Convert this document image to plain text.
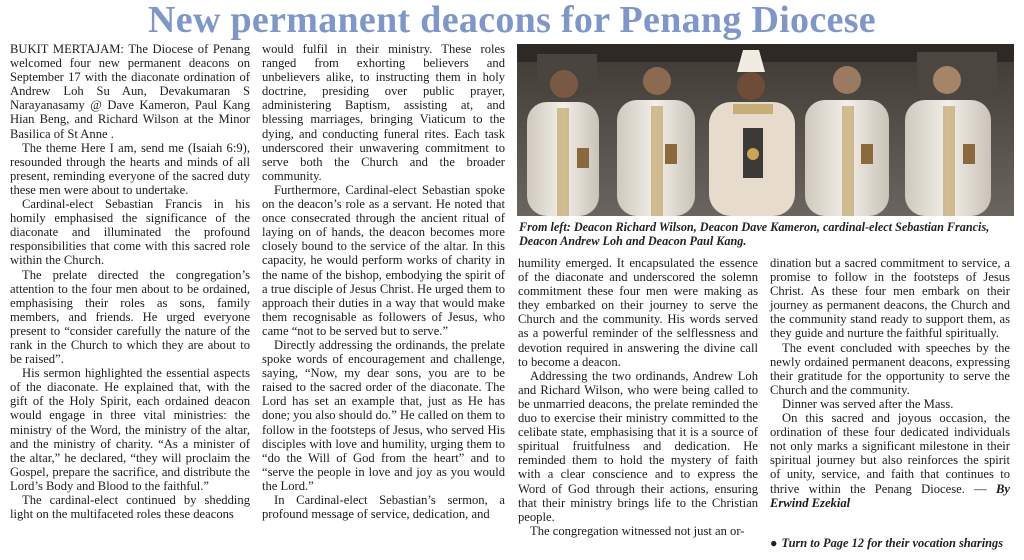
New permanent deacons for Penang Diocese

BUKIT MERTAJAM: The Diocese of Penang welcomed four new permanent deacons on September 17 with the diaconate ordination of Andrew Loh Su Aun, Devakumaran S Narayanasamy @ Dave Kameron, Paul Kang Hian Beng, and Richard Wilson at the Minor Basilica of St Anne .

The theme Here I am, send me (Isaiah 6:9), resounded through the hearts and minds of all present, reminding everyone of the sacred duty these men were about to undertake.

Cardinal-elect Sebastian Francis in his homily emphasised the significance of the diaconate and illuminated the profound responsibilities that come with this sacred role within the Church.

The prelate directed the congregation’s attention to the four men about to be ordained, emphasising their roles as sons, family members, and friends. He urged everyone present to “consider carefully the nature of the rank in the Church to which they are about to be raised”.

His sermon highlighted the essential aspects of the diaconate. He explained that, with the gift of the Holy Spirit, each ordained deacon would engage in three vital ministries: the ministry of the Word, the ministry of the altar, and the ministry of charity. “As a minister of the altar,” he declared, “they will proclaim the Gospel, prepare the sacrifice, and distribute the Lord’s Body and Blood to the faithful.”

The cardinal-elect continued by shedding light on the multifaceted roles these deacons

would fulfil in their ministry. These roles ranged from exhorting believers and unbelievers alike, to instructing them in holy doctrine, presiding over public prayer, administering Baptism, assisting at, and blessing marriages, bringing Viaticum to the dying, and conducting funeral rites. Each task underscored their unwavering commitment to serve both the Church and the broader community.

Furthermore, Cardinal-elect Sebastian spoke on the deacon’s role as a servant. He noted that once consecrated through the ancient ritual of laying on of hands, the deacon becomes more closely bound to the service of the altar. In this capacity, he would perform works of charity in the name of the bishop, embodying the spirit of a true disciple of Jesus Christ. He urged them to approach their duties in a way that would make them recognisable as followers of Jesus, who came “not to be served but to serve.”

Directly addressing the ordinands, the prelate spoke words of encouragement and challenge, saying, “Now, my dear sons, you are to be raised to the sacred order of the diaconate. The Lord has set an example that, just as He has done; you also should do.” He called on them to follow in the footsteps of Jesus, who served His disciples with love and humility, urging them to “do the Will of God from the heart” and to “serve the people in love and joy as you would the Lord.”

In Cardinal-elect Sebastian’s sermon, a profound message of service, dedication, and

From left: Deacon Richard Wilson, Deacon Dave Kameron, cardinal-elect Sebastian Francis, Deacon Andrew Loh and Deacon Paul Kang.

humility emerged. It encapsulated the essence of the diaconate and underscored the solemn commitment these four men were making as they embarked on their journey to serve the Church and the community. His words served as a powerful reminder of the selflessness and devotion required in answering the divine call to become a deacon.

Addressing the two ordinands, Andrew Loh and Richard Wilson, who were being called to be unmarried deacons, the prelate reminded the duo to exercise their ministry committed to the celibate state, emphasising that it is a source of spiritual fruitfulness and dedication. He reminded them to hold the mystery of faith with a clear conscience and to express the Word of God through their actions, ensuring that their ministry brings life to the Christian people.

The congregation witnessed not just an or-

dination but a sacred commitment to service, a promise to follow in the footsteps of Jesus Christ. As these four men embark on their journey as permanent deacons, the Church and the community stand ready to support them, as they guide and nurture the faithful spiritually.

The event concluded with speeches by the newly ordained permanent deacons, expressing their gratitude for the opportunity to serve the Church and the community.

Dinner was served after the Mass.

On this sacred and joyous occasion, the ordination of these four dedicated individuals not only marks a significant milestone in their spiritual journey but also reinforces the spirit of unity, service, and faith that continues to thrive within the Penang Diocese. — By Erwind Ezekial

● Turn to Page 12 for their vocation sharings
